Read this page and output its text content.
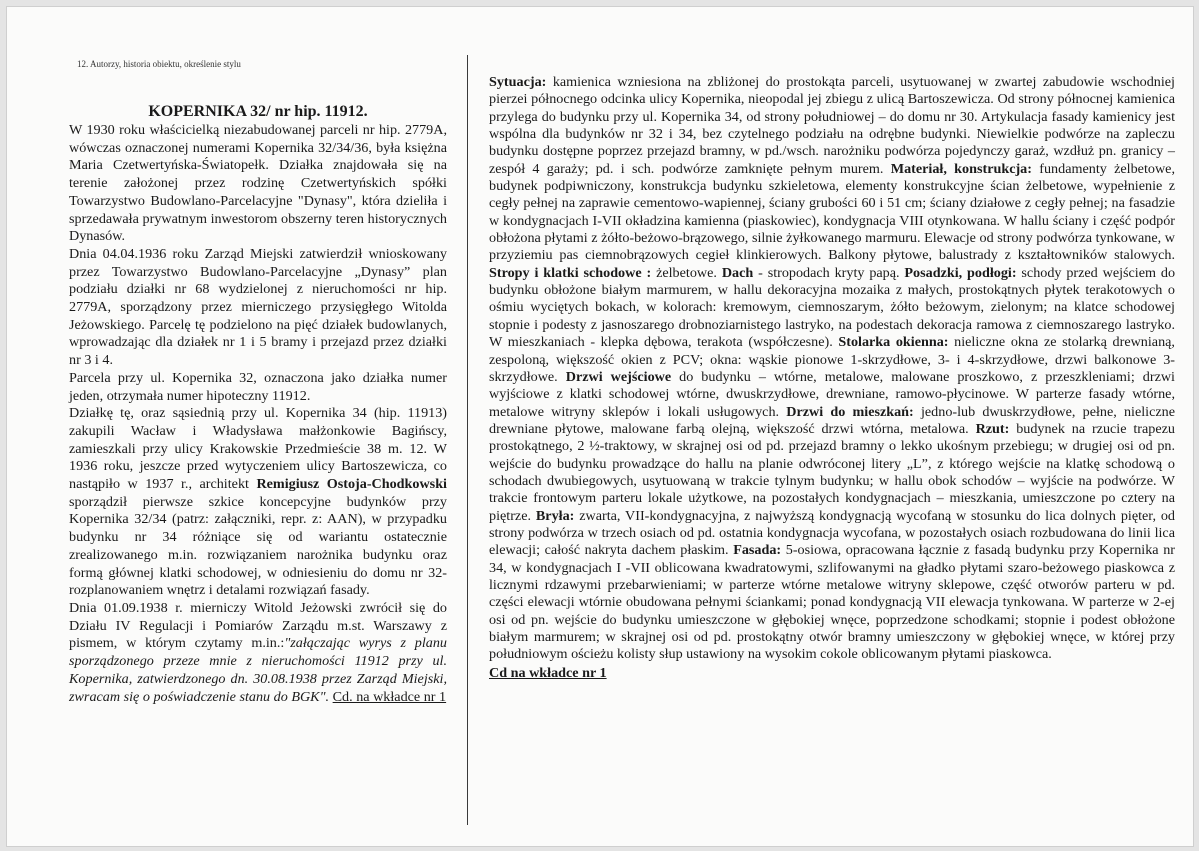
12. Autorzy, historia obiektu, określenie stylu
KOPERNIKA 32/ nr hip. 11912.

W 1930 roku właścicielką niezabudowanej parceli nr hip. 2779A, wówczas oznaczonej numerami Kopernika 32/34/36, była księżna Maria Czetwertyńska-Światopełk. Działka znajdowała się na terenie założonej przez rodzinę Czetwertyńskich spółki Towarzystwo Budowlano-Parcelacyjne "Dynasy", która dzieliła i sprzedawała prywatnym inwestorom obszerny teren historycznych Dynasów.

Dnia 04.04.1936 roku Zarząd Miejski zatwierdził wnioskowany przez Towarzystwo Budowlano-Parcelacyjne „Dynasy” plan podziału działki nr 68 wydzielonej z nieruchomości nr hip. 2779A, sporządzony przez mierniczego przysięgłego Witolda Jeżowskiego. Parcelę tę podzielono na pięć działek budowlanych, wprowadzając dla działek nr 1 i 5 bramy i przejazd przez działki nr 3 i 4.

Parcela przy ul. Kopernika 32, oznaczona jako działka numer jeden, otrzymała numer hipoteczny 11912.

Działkę tę, oraz sąsiednią przy ul. Kopernika 34 (hip. 11913) zakupili Wacław i Władysława małżonkowie Bagińscy, zamieszkali przy ulicy Krakowskie Przedmieście 38 m. 12. W 1936 roku, jeszcze przed wytyczeniem ulicy Bartoszewicza, co nastąpiło w 1937 r., architekt Remigiusz Ostoja-Chodkowski sporządził pierwsze szkice koncepcyjne budynków przy Kopernika 32/34 (patrz: załączniki, repr. z: AAN), w przypadku budynku nr 34 różniące się od wariantu ostatecznie zrealizowanego m.in. rozwiązaniem narożnika budynku oraz formą głównej klatki schodowej, w odniesieniu do domu nr 32- rozplanowaniem wnętrz i detalami rozwiązań fasady.

Dnia 01.09.1938 r. mierniczy Witold Jeżowski zwrócił się do Działu IV Regulacji i Pomiarów Zarządu m.st. Warszawy z pismem, w którym czytamy m.in.:"załączając wyrys z planu sporządzonego przeze mnie z nieruchomości 11912 przy ul. Kopernika, zatwierdzonego dn. 30.08.1938 przez Zarząd Miejski, zwracam się o poświadczenie stanu do BGK". Cd. na wkładce nr 1

Sytuacja: kamienica wzniesiona na zbliżonej do prostokąta parceli, usytuowanej w zwartej zabudowie wschodniej pierzei północnego odcinka ulicy Kopernika, nieopodal jej zbiegu z ulicą Bartoszewicza. Od strony północnej kamienica przylega do budynku przy ul. Kopernika 34, od strony południowej – do domu nr 30. Artykulacja fasady kamienicy jest wspólna dla budynków nr 32 i 34, bez czytelnego podziału na odrębne budynki. Niewielkie podwórze na zapleczu budynku dostępne poprzez przejazd bramny, w pd./wsch. narożniku podwórza pojedynczy garaż, wzdłuż pn. granicy – zespół 4 garaży; pd. i sch. podwórze zamknięte pełnym murem. Materiał, konstrukcja: fundamenty żelbetowe, budynek podpiwniczony, konstrukcja budynku szkieletowa, elementy konstrukcyjne ścian żelbetowe, wypełnienie z cegły pełnej na zaprawie cementowo-wapiennej, ściany grubości 60 i 51 cm; ściany działowe z cegły pełnej; na fasadzie w kondygnacjach I-VII okładzina kamienna (piaskowiec), kondygnacja VIII otynkowana. W hallu ściany i część podpór obłożona płytami z żółto-beżowo-brązowego, silnie żyłkowanego marmuru. Elewacje od strony podwórza tynkowane, w przyziemiu pas ciemnobrązowych cegieł klinkierowych. Balkony płytowe, balustrady z kształtowników stalowych. Stropy i klatki schodowe : żelbetowe. Dach - stropodach kryty papą. Posadzki, podłogi: schody przed wejściem do budynku obłożone białym marmurem, w hallu dekoracyjna mozaika z małych, prostokątnych płytek terakotowych o ośmiu wyciętych bokach, w kolorach: kremowym, ciemnoszarym, żółto beżowym, zielonym; na klatce schodowej stopnie i podesty z jasnoszarego drobnoziarnistego lastryko, na podestach dekoracja ramowa z ciemnoszarego lastryko. W mieszkaniach - klepka dębowa, terakota (współczesne). Stolarka okienna: nieliczne okna ze stolarką drewnianą, zespoloną, większość okien z PCV; okna: wąskie pionowe 1-skrzydłowe, 3- i 4-skrzydłowe, drzwi balkonowe 3-skrzydłowe. Drzwi wejściowe do budynku – wtórne, metalowe, malowane proszkowo, z przeszkleniami; drzwi wyjściowe z klatki schodowej wtórne, dwuskrzydłowe, drewniane, ramowo-płycinowe. W parterze fasady wtórne, metalowe witryny sklepów i lokali usługowych. Drzwi do mieszkań: jedno-lub dwuskrzydłowe, pełne, nieliczne drewniane płytowe, malowane farbą olejną, większość drzwi wtórna, metalowa. Rzut: budynek na rzucie trapezu prostokątnego, 2 ½-traktowy, w skrajnej osi od pd. przejazd bramny o lekko ukośnym przebiegu; w drugiej osi od pn. wejście do budynku prowadzące do hallu na planie odwróconej litery „L”, z którego wejście na klatkę schodową o schodach dwubiegowych, usytuowaną w trakcie tylnym budynku; w hallu obok schodów – wyjście na podwórze. W trakcie frontowym parteru lokale użytkowe, na pozostałych kondygnacjach – mieszkania, umieszczone po cztery na piętrze. Bryła: zwarta, VII-kondygnacyjna, z najwyższą kondygnacją wycofaną w stosunku do lica dolnych pięter, od strony podwórza w trzech osiach od pd. ostatnia kondygnacja wycofana, w pozostałych osiach rozbudowana do linii lica elewacji; całość nakryta dachem płaskim. Fasada: 5-osiowa, opracowana łącznie z fasadą budynku przy Kopernika nr 34, w kondygnacjach I -VII oblicowana kwadratowymi, szlifowanymi na gładko płytami szaro-beżowego piaskowca z licznymi rdzawymi przebarwieniami; w parterze wtórne metalowe witryny sklepowe, część otworów parteru w pd. części elewacji wtórnie obudowana pełnymi ściankami; ponad kondygnacją VII elewacja tynkowana. W parterze w 2-ej osi od pn. wejście do budynku umieszczone w głębokiej wnęce, poprzedzone schodkami; stopnie i podest obłożone białym marmurem; w skrajnej osi od pd. prostokątny otwór bramny umieszczony w głębokiej wnęce, w której przy południowym ościeżu kolisty słup ustawiony na wysokim cokole oblicowanym płytami piaskowca.

Cd na wkładce nr 1
